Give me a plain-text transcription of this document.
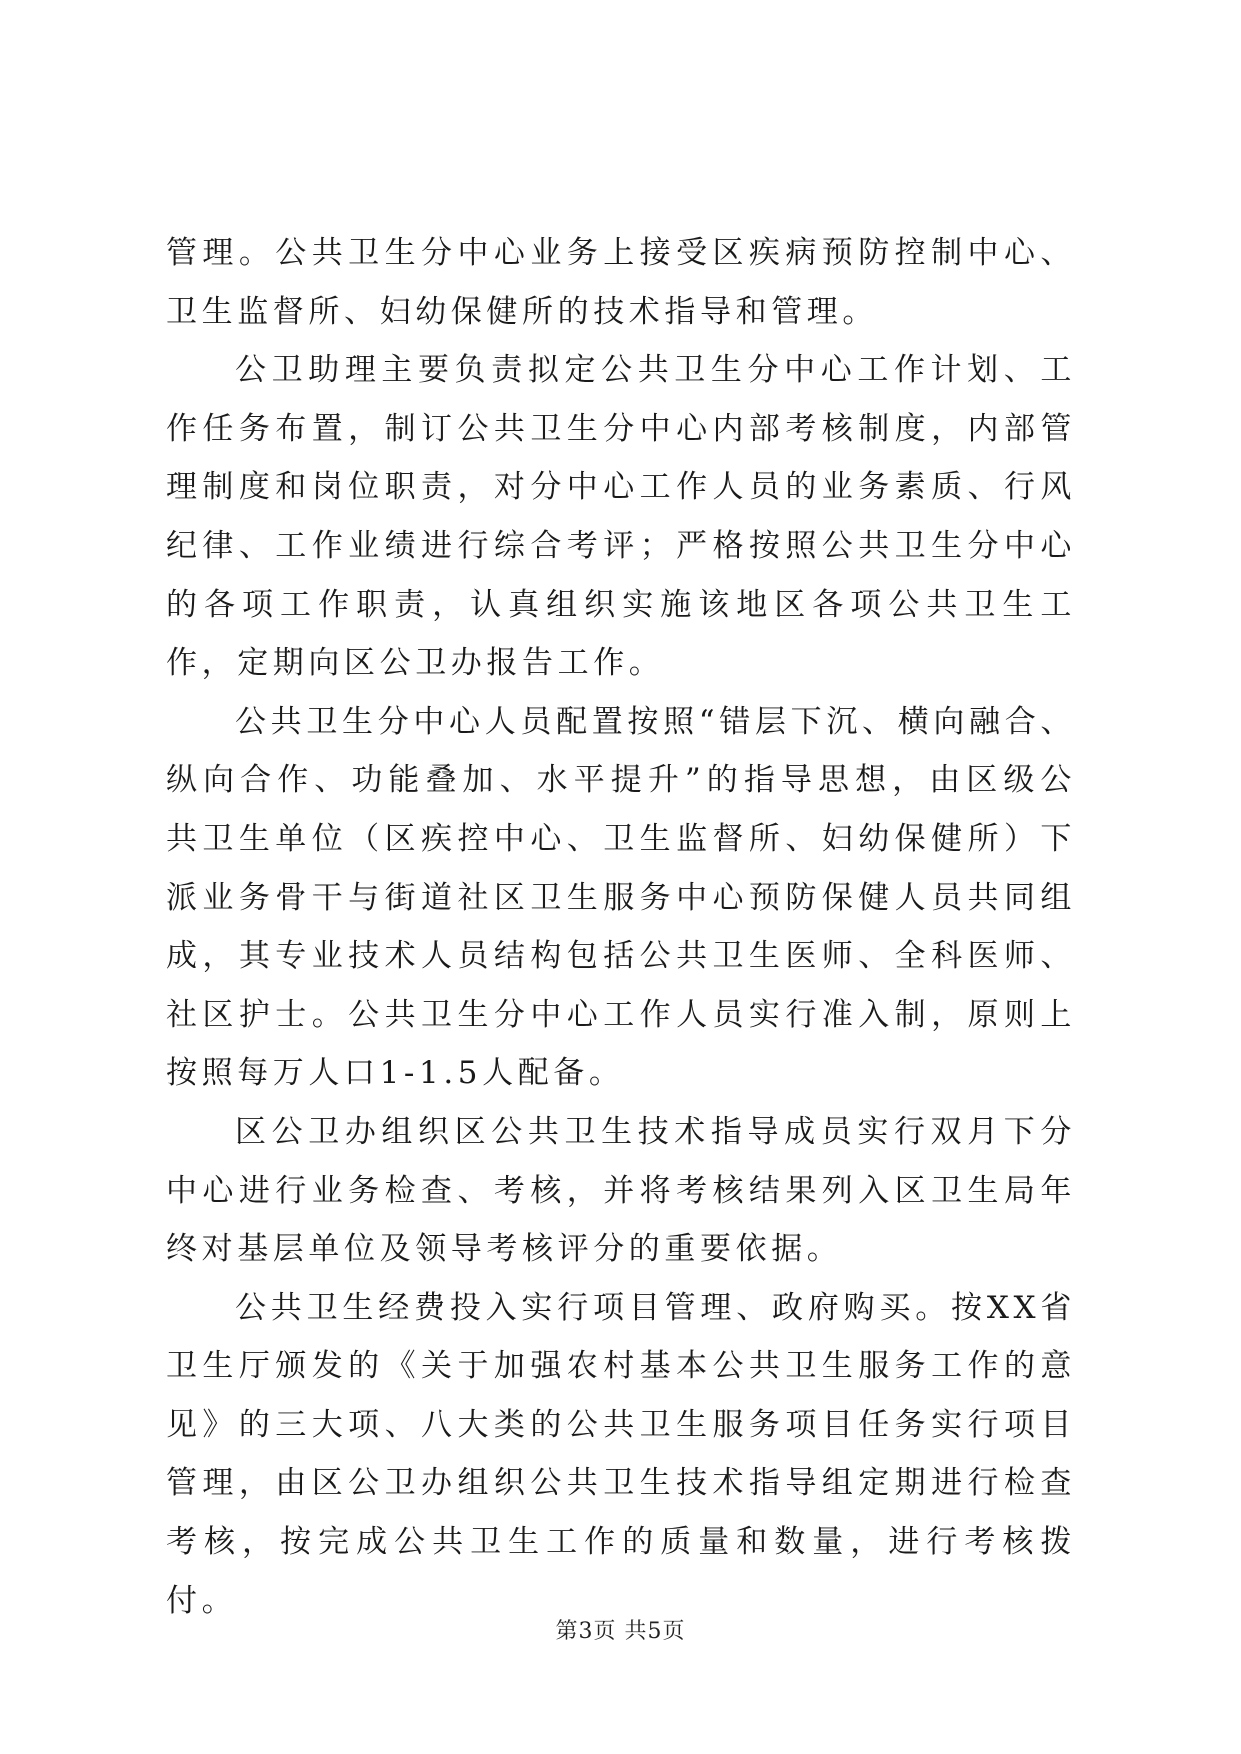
管理。公共卫生分中心业务上接受区疾病预防控制中心、卫生监督所、妇幼保健所的技术指导和管理。

公卫助理主要负责拟定公共卫生分中心工作计划、工作任务布置，制订公共卫生分中心内部考核制度，内部管理制度和岗位职责，对分中心工作人员的业务素质、行风纪律、工作业绩进行综合考评；严格按照公共卫生分中心的各项工作职责，认真组织实施该地区各项公共卫生工作，定期向区公卫办报告工作。

公共卫生分中心人员配置按照“错层下沉、横向融合、纵向合作、功能叠加、水平提升”的指导思想，由区级公共卫生单位（区疾控中心、卫生监督所、妇幼保健所）下派业务骨干与街道社区卫生服务中心预防保健人员共同组成，其专业技术人员结构包括公共卫生医师、全科医师、社区护士。公共卫生分中心工作人员实行准入制，原则上按照每万人口1-1.5人配备。

区公卫办组织区公共卫生技术指导成员实行双月下分中心进行业务检查、考核，并将考核结果列入区卫生局年终对基层单位及领导考核评分的重要依据。

公共卫生经费投入实行项目管理、政府购买。按XX省卫生厅颁发的《关于加强农村基本公共卫生服务工作的意见》的三大项、八大类的公共卫生服务项目任务实行项目管理，由区公卫办组织公共卫生技术指导组定期进行检查考核，按完成公共卫生工作的质量和数量，进行考核拨付。

第3页 共5页
